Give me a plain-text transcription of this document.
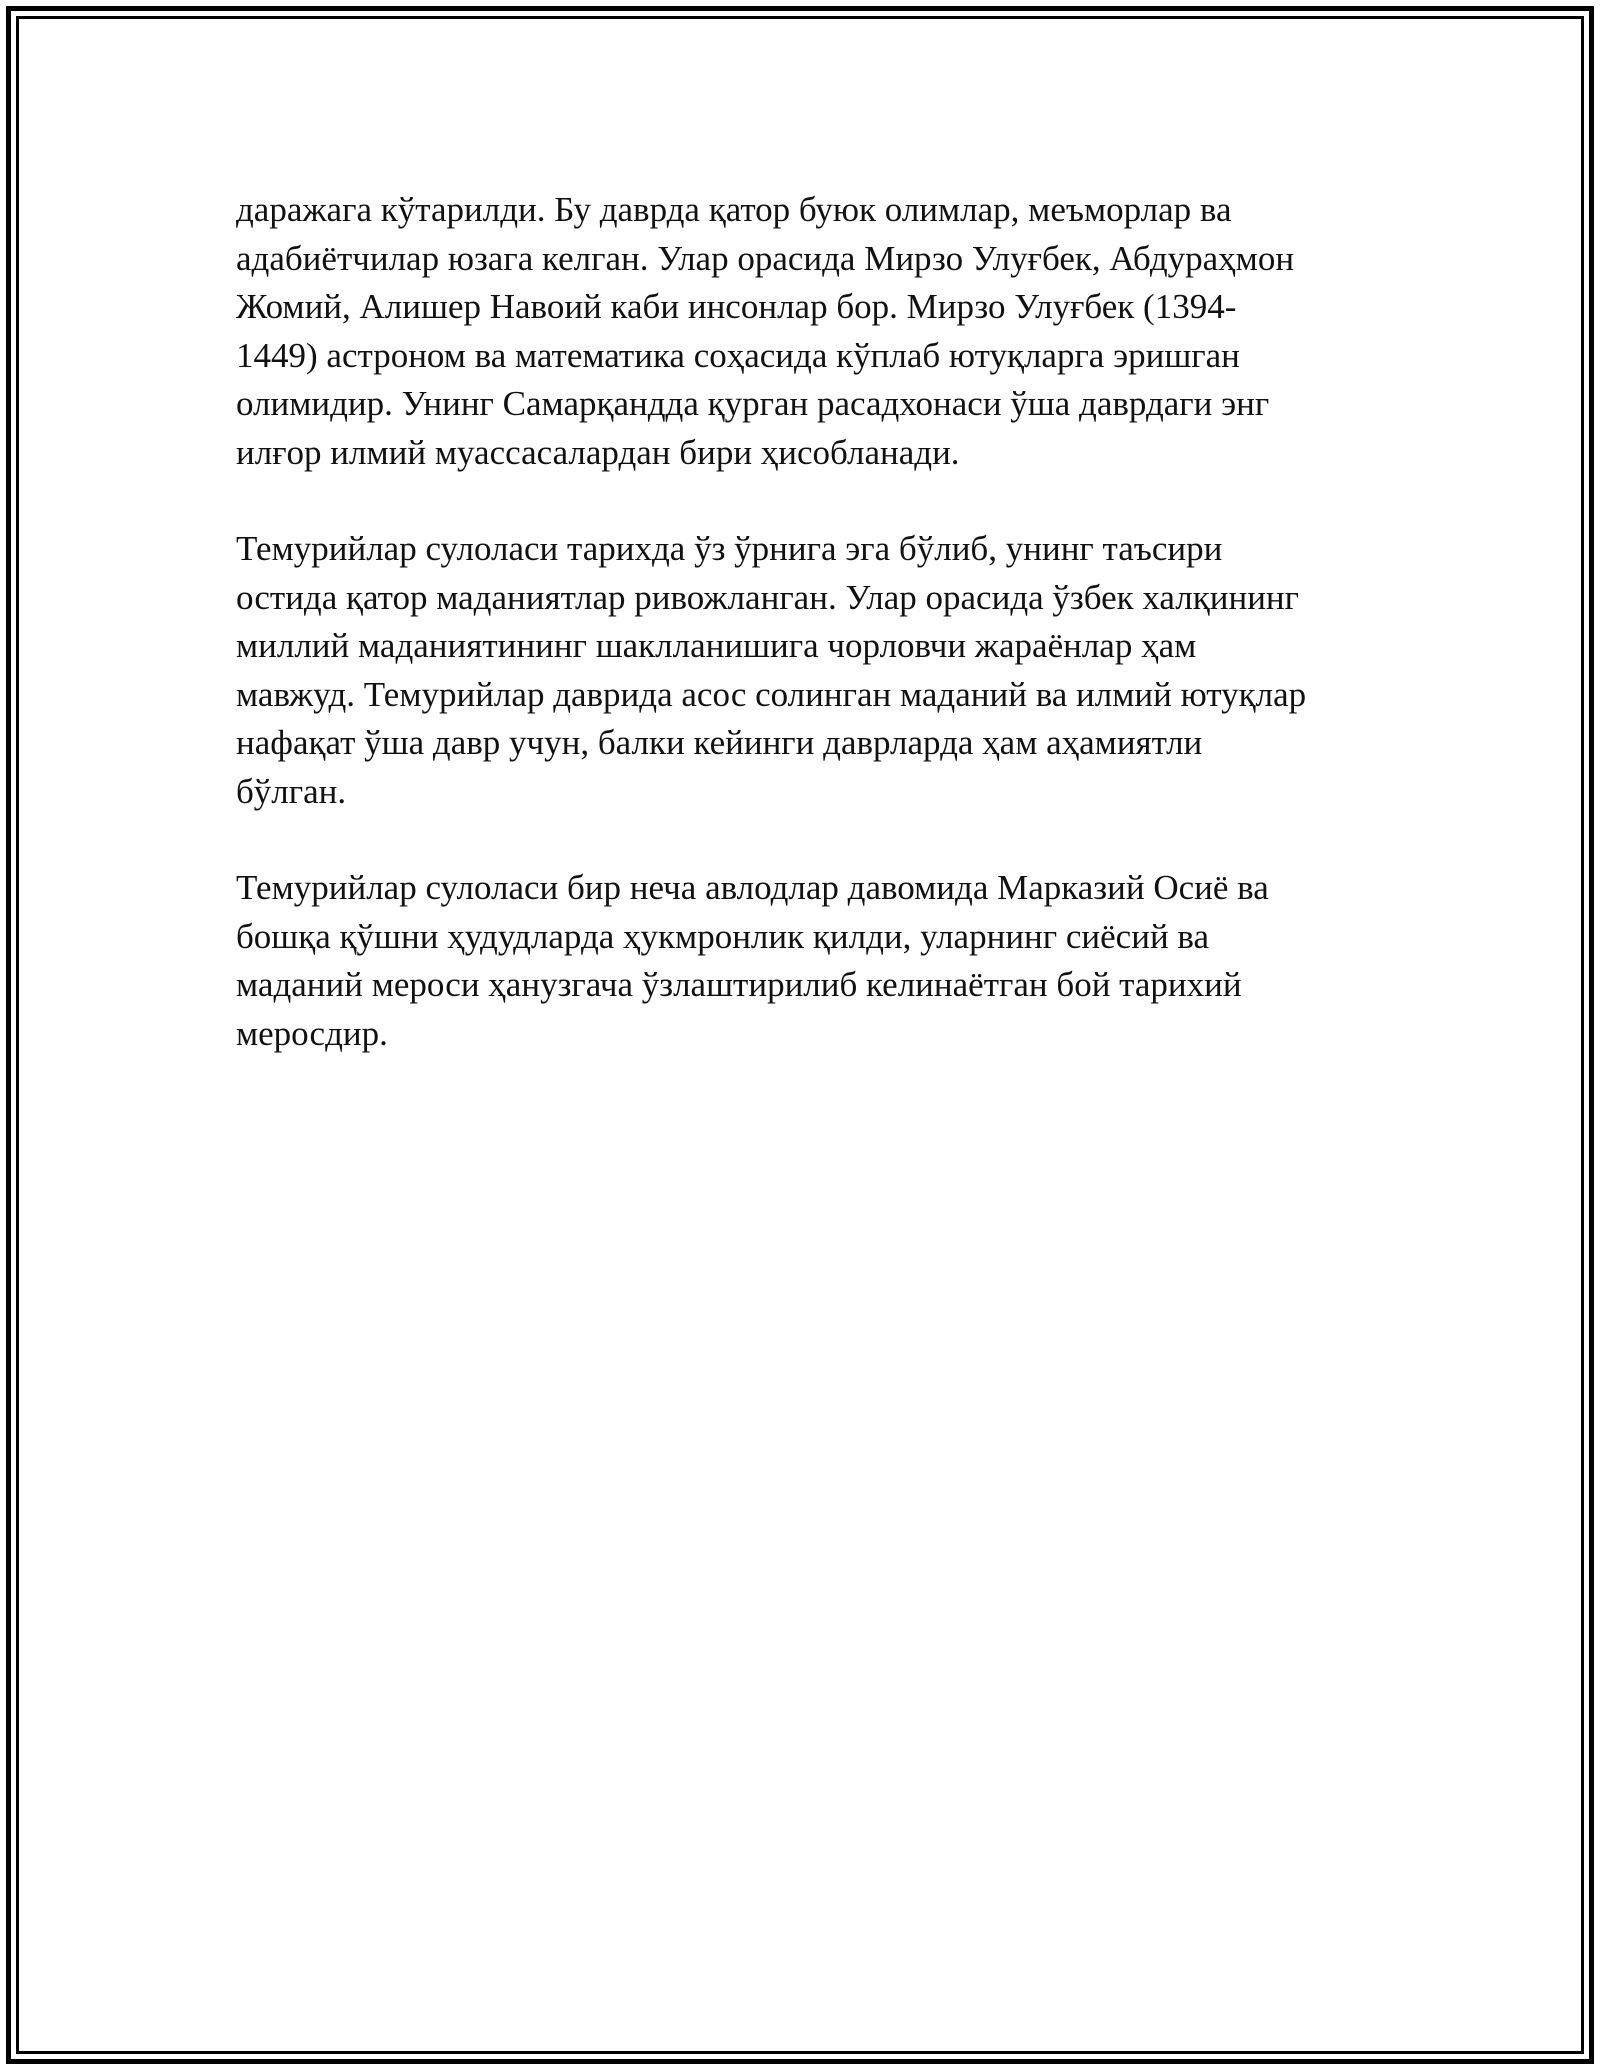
даражага кўтарилди. Бу даврда қатор буюк олимлар, меъморлар ва
адабиётчилар юзага келган. Улар орасида Мирзо Улуғбек, Абдураҳмон
Жомий, Алишер Навоий каби инсонлар бор. Мирзо Улуғбек (1394-
1449) астроном ва математика соҳасида кўплаб ютуқларга эришган
олимидир. Унинг Самарқандда қурган расадхонаси ўша даврдаги энг
илғор илмий муассасалардан бири ҳисобланади.

Темурийлар сулоласи тарихда ўз ўрнига эга бўлиб, унинг таъсири
остида қатор маданиятлар ривожланган. Улар орасида ўзбек халқининг
миллий маданиятининг шаклланишига чорловчи жараёнлар ҳам
мавжуд. Темурийлар даврида асос солинган маданий ва илмий ютуқлар
нафақат ўша давр учун, балки кейинги даврларда ҳам аҳамиятли
бўлган.

Темурийлар сулоласи бир неча авлодлар давомида Марказий Осиё ва
бошқа қўшни ҳудудларда ҳукмронлик қилди, уларнинг сиёсий ва
маданий мероси ҳанузгача ўзлаштирилиб келинаётган бой тарихий
меросдир.
